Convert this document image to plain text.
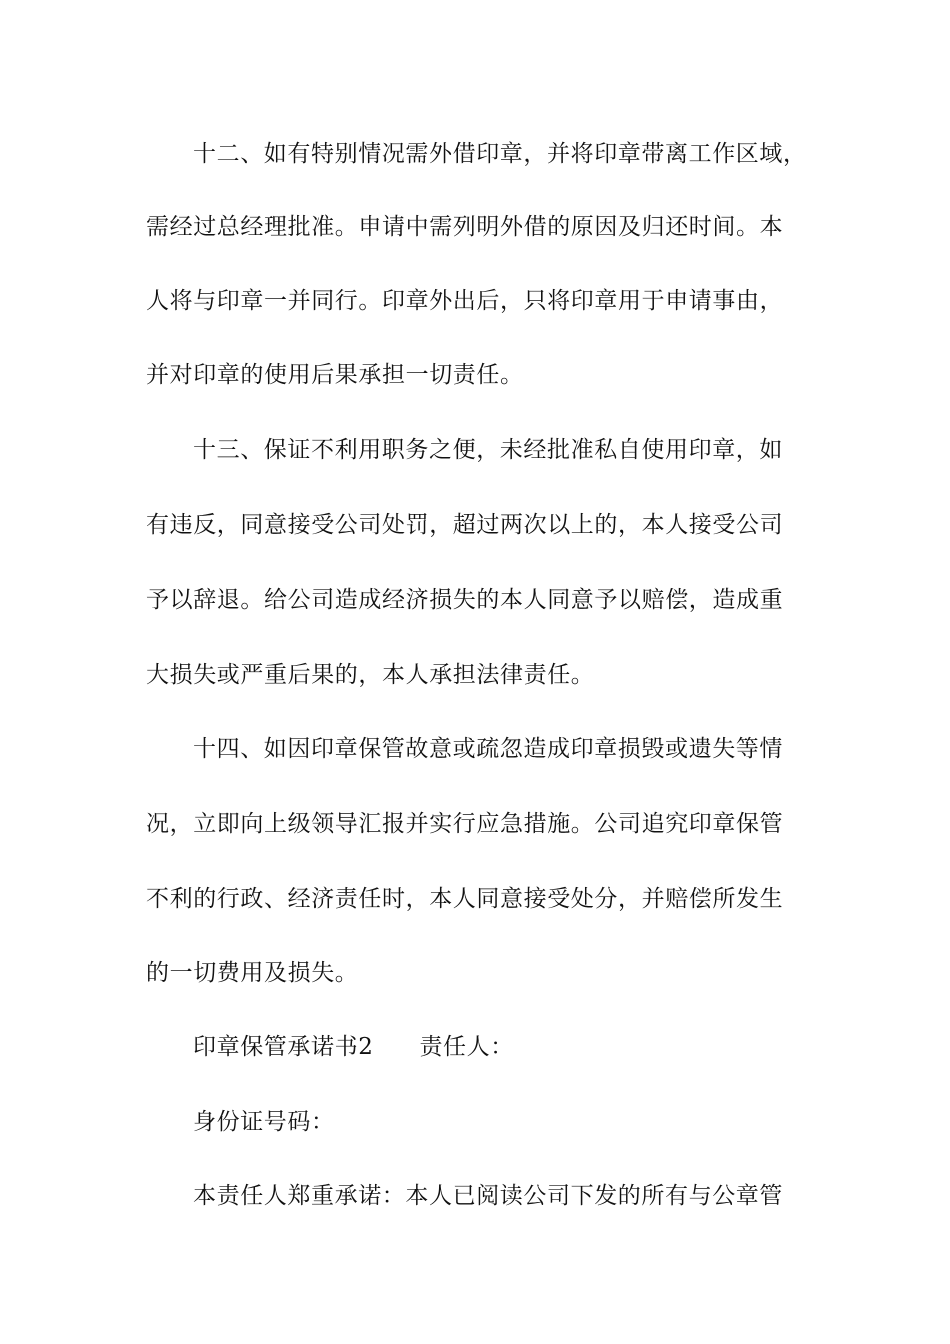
十二、如有特别情况需外借印章，并将印章带离工作区域，
需经过总经理批准。申请中需列明外借的原因及归还时间。本
人将与印章一并同行。印章外出后，只将印章用于申请事由，
并对印章的使用后果承担一切责任。
十三、保证不利用职务之便，未经批准私自使用印章，如
有违反，同意接受公司处罚，超过两次以上的，本人接受公司
予以辞退。给公司造成经济损失的本人同意予以赔偿，造成重
大损失或严重后果的，本人承担法律责任。
十四、如因印章保管故意或疏忽造成印章损毁或遗失等情
况，立即向上级领导汇报并实行应急措施。公司追究印章保管
不利的行政、经济责任时，本人同意接受处分，并赔偿所发生
的一切费用及损失。
印章保管承诺书2 责任人：
身份证号码：
本责任人郑重承诺：本人已阅读公司下发的所有与公章管
